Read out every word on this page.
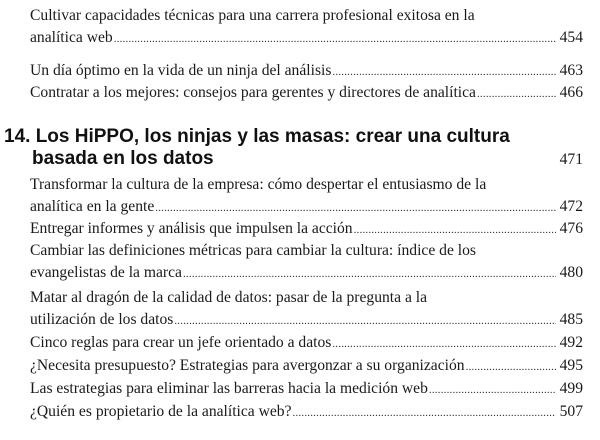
Cultivar capacidades técnicas para una carrera profesional exitosa en la
analítica web .....	454
Un día óptimo en la vida de un ninja del análisis .....	463
Contratar a los mejores: consejos para gerentes y directores de analítica .....	466
14. Los HiPPO, los ninjas y las masas: crear una cultura
basada en los datos	471
Transformar la cultura de la empresa: cómo despertar el entusiasmo de la
analítica en la gente .....	472
Entregar informes y análisis que impulsen la acción .....	476
Cambiar las definiciones métricas para cambiar la cultura: índice de los
evangelistas de la marca .....	480
Matar al dragón de la calidad de datos: pasar de la pregunta a la
utilización de los datos .....	485
Cinco reglas para crear un jefe orientado a datos .....	492
¿Necesita presupuesto? Estrategias para avergonzar a su organización .....	495
Las estrategias para eliminar las barreras hacia la medición web .....	499
¿Quién es propietario de la analítica web? .....	507
